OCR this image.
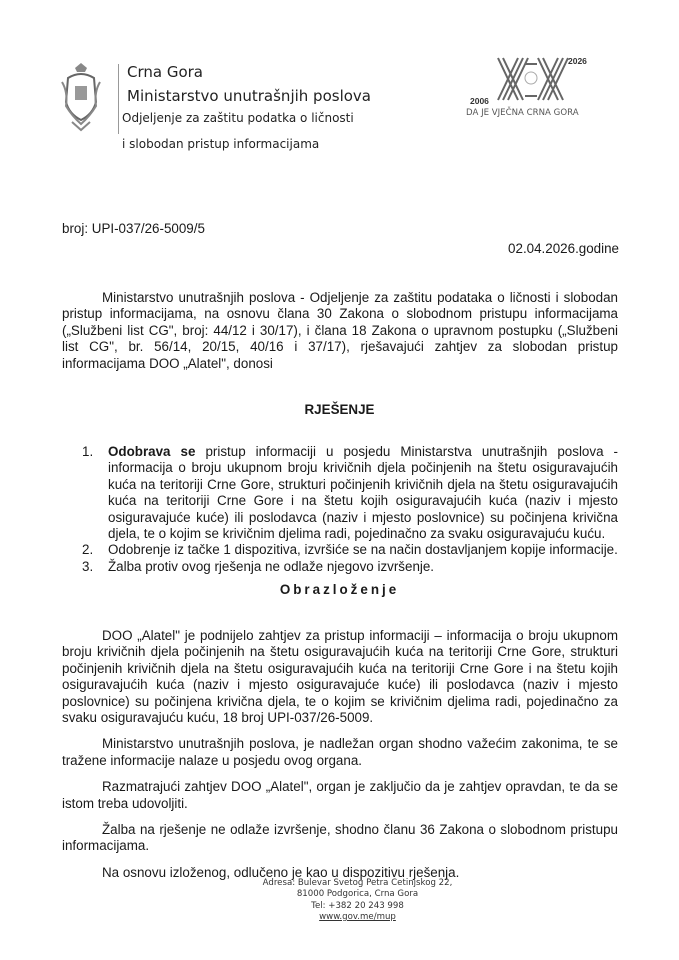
Crna Gora
Ministarstvo unutrašnjih poslova
Odjeljenje za zaštitu podatka o ličnosti
i slobodan pristup informacijama
2026
2006
DA JE VJEČNA CRNA GORA
broj: UPI-037/26-5009/5
02.04.2026.godine
Ministarstvo unutrašnjih poslova - Odjeljenje za zaštitu podataka o ličnosti i slobodan pristup informacijama, na osnovu člana 30 Zakona o slobodnom pristupu informacijama („Službeni list CG", broj: 44/12 i 30/17), i člana 18 Zakona o upravnom postupku („Službeni list CG", br. 56/14, 20/15, 40/16 i 37/17), rješavajući zahtjev za slobodan pristup informacijama DOO „Alatel", donosi
RJEŠENJE
1.	Odobrava se pristup informaciji u posjedu Ministarstva unutrašnjih poslova - informacija o broju ukupnom broju krivičnih djela počinjenih na štetu osiguravajućih kuća na teritoriji Crne Gore, strukturi počinjenih krivičnih djela na štetu osiguravajućih kuća na teritoriji Crne Gore i na štetu kojih osiguravajućih kuća (naziv i mjesto osiguravajuće kuće) ili poslodavca (naziv i mjesto poslovnice) su počinjena krivična djela, te o kojim se krivičnim djelima radi, pojedinačno za svaku osiguravajuću kuću.
2.	Odobrenje iz tačke 1 dispozitiva, izvršiće se na način dostavljanjem kopije informacije.
3.	Žalba protiv ovog rješenja ne odlaže njegovo izvršenje.
Obrazloženje
DOO „Alatel" je podnijelo zahtjev za pristup informaciji – informacija o broju ukupnom broju krivičnih djela počinjenih na štetu osiguravajućih kuća na teritoriji Crne Gore, strukturi počinjenih krivičnih djela na štetu osiguravajućih kuća na teritoriji Crne Gore i na štetu kojih osiguravajućih kuća (naziv i mjesto osiguravajuće kuće) ili poslodavca (naziv i mjesto poslovnice) su počinjena krivična djela, te o kojim se krivičnim djelima radi, pojedinačno za svaku osiguravajuću kuću, 18 broj UPI-037/26-5009.
Ministarstvo unutrašnjih poslova, je nadležan organ shodno važećim zakonima, te se tražene informacije nalaze u posjedu ovog organa.
Razmatrajući zahtjev DOO „Alatel", organ je zaključio da je zahtjev opravdan, te da se istom treba udovoljiti.
Žalba na rješenje ne odlaže izvršenje, shodno članu 36 Zakona o slobodnom pristupu informacijama.
Na osnovu izloženog, odlučeno je kao u dispozitivu rješenja.
Adresa: Bulevar Svetog Petra Cetinjskog 22,
81000 Podgorica, Crna Gora
Tel: +382 20 243 998
www.gov.me/mup
